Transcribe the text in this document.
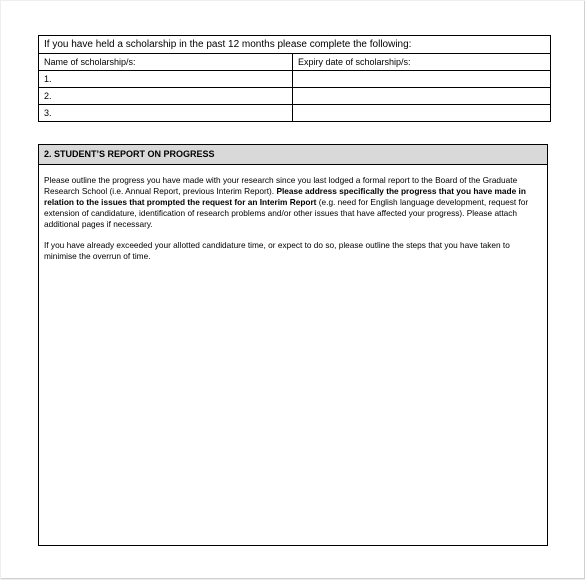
If you have held a scholarship in the past 12 months please complete the following:	
Name of scholarship/s:	Expiry date of scholarship/s:
1.	
2.	
3.	
2. STUDENT’S REPORT ON PROGRESS

Please outline the progress you have made with your research since you last lodged a formal report to the Board of the Graduate Research School (i.e. Annual Report, previous Interim Report). Please address specifically the progress that you have made in relation to the issues that prompted the request for an Interim Report (e.g. need for English language development, request for extension of candidature, identification of research problems and/or other issues that have affected your progress). Please attach additional pages if necessary.

If you have already exceeded your allotted candidature time, or expect to do so, please outline the steps that you have taken to minimise the overrun of time.
